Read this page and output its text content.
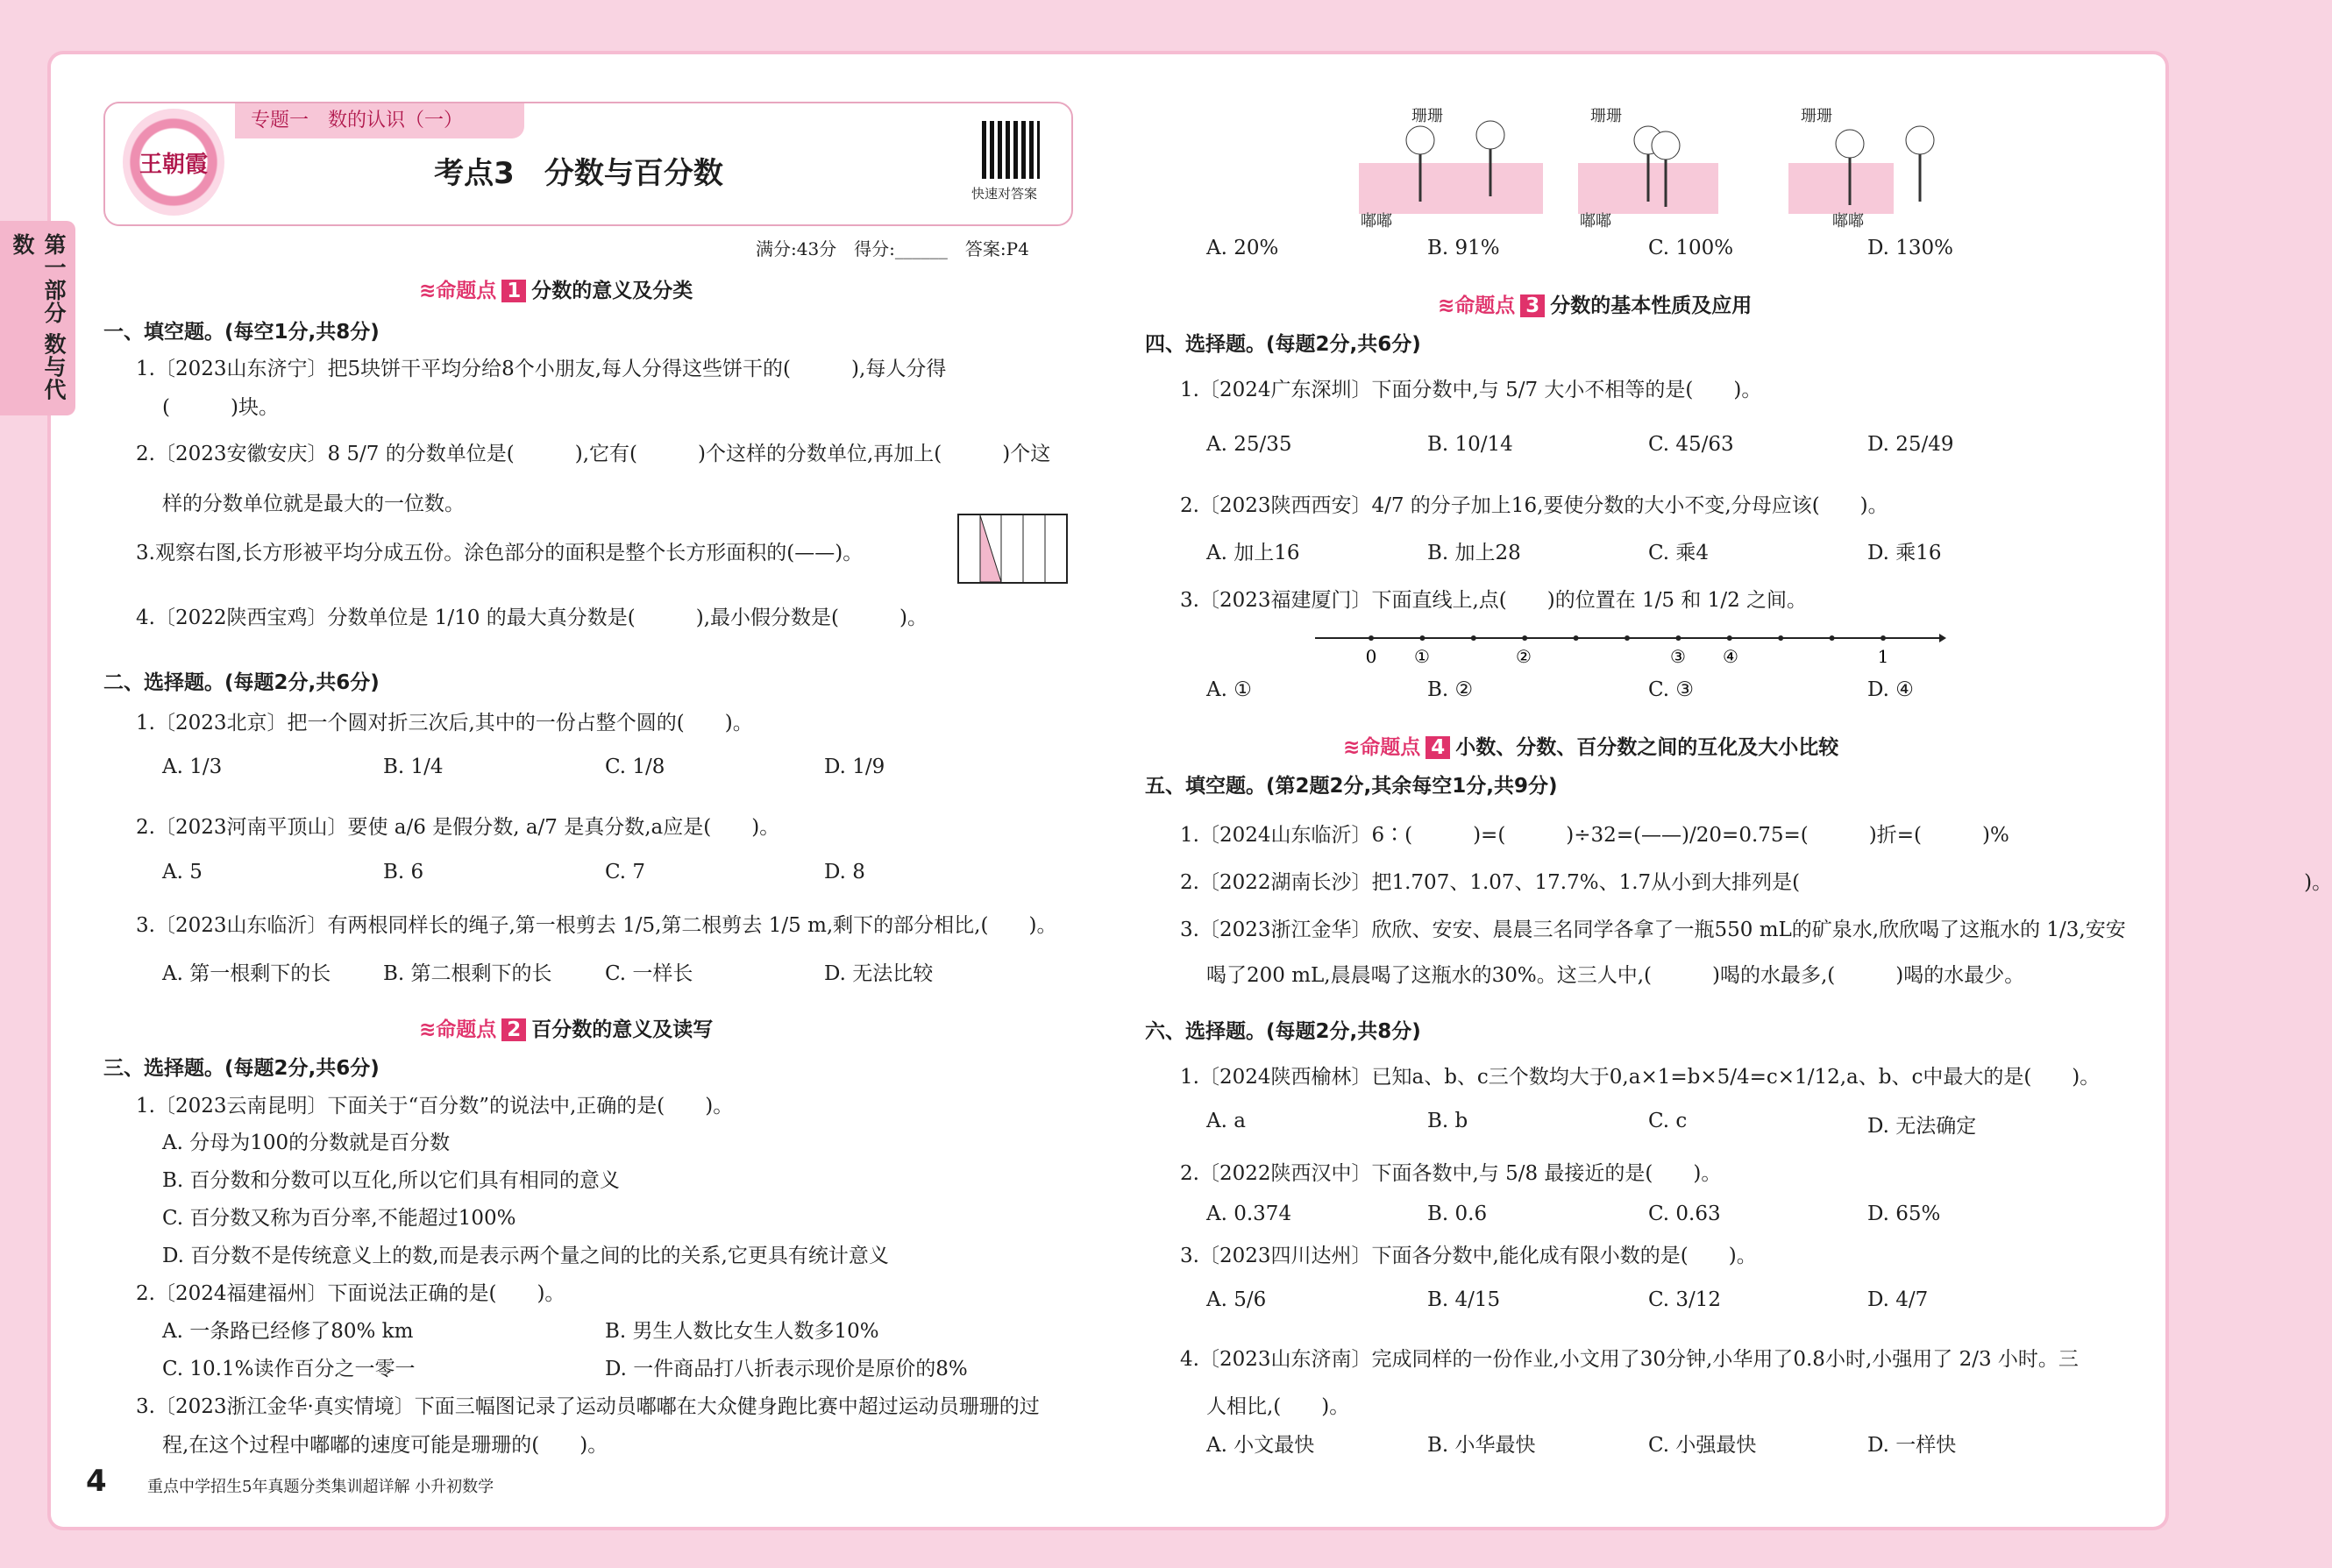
第一部分 数与代数
王朝霞
专题一　数的认识（一）
考点3　分数与百分数
快速对答案
满分:43分　得分:______　答案:P4
≋命题点 1 分数的意义及分类
一、填空题。(每空1分,共8分)
1.〔2023山东济宁〕把5块饼干平均分给8个小朋友,每人分得这些饼干的(　　　),每人分得
(　　　)块。
2.〔2023安徽安庆〕8 5/7 的分数单位是(　　　),它有(　　　)个这样的分数单位,再加上(　　　)个这
样的分数单位就是最大的一位数。
3.观察右图,长方形被平均分成五份。涂色部分的面积是整个长方形面积的(——)。
4.〔2022陕西宝鸡〕分数单位是 1/10 的最大真分数是(　　　),最小假分数是(　　　)。
二、选择题。(每题2分,共6分)
1.〔2023北京〕把一个圆对折三次后,其中的一份占整个圆的(　　)。
A. 1/3	B. 1/4	C. 1/8	D. 1/9
2.〔2023河南平顶山〕要使 a/6 是假分数, a/7 是真分数,a应是(　　)。
A. 5	B. 6	C. 7	D. 8
3.〔2023山东临沂〕有两根同样长的绳子,第一根剪去 1/5,第二根剪去 1/5 m,剩下的部分相比,(　　)。
A. 第一根剩下的长	B. 第二根剩下的长	C. 一样长	D. 无法比较
≋命题点 2 百分数的意义及读写
三、选择题。(每题2分,共6分)
1.〔2023云南昆明〕下面关于“百分数”的说法中,正确的是(　　)。
A. 分母为100的分数就是百分数
B. 百分数和分数可以互化,所以它们具有相同的意义
C. 百分数又称为百分率,不能超过100%
D. 百分数不是传统意义上的数,而是表示两个量之间的比的关系,它更具有统计意义
2.〔2024福建福州〕下面说法正确的是(　　)。
A. 一条路已经修了80% km	B. 男生人数比女生人数多10%
C. 10.1%读作百分之一零一	D. 一件商品打八折表示现价是原价的8%
3.〔2023浙江金华·真实情境〕下面三幅图记录了运动员嘟嘟在大众健身跑比赛中超过运动员珊珊的过
程,在这个过程中嘟嘟的速度可能是珊珊的(　　)。
4	重点中学招生5年真题分类集训超详解 小升初数学
珊珊
嘟嘟
珊珊
嘟嘟
珊珊
嘟嘟
A. 20%	B. 91%	C. 100%	D. 130%
≋命题点 3 分数的基本性质及应用
四、选择题。(每题2分,共6分)
1.〔2024广东深圳〕下面分数中,与 5/7 大小不相等的是(　　)。
A. 25/35	B. 10/14	C. 45/63	D. 25/49
2.〔2023陕西西安〕4/7 的分子加上16,要使分数的大小不变,分母应该(　　)。
A. 加上16	B. 加上28	C. 乘4	D. 乘16
3.〔2023福建厦门〕下面直线上,点(　　)的位置在 1/5 和 1/2 之间。
0 ①	②	③ ④	1
A. ①	B. ②	C. ③	D. ④
≋命题点 4 小数、分数、百分数之间的互化及大小比较
五、填空题。(第2题2分,其余每空1分,共9分)
1.〔2024山东临沂〕6∶(　　　)=(　　　)÷32=(——)/20=0.75=(　　　)折=(　　　)%
2.〔2022湖南长沙〕把1.707、1.07、17.7%、1.7从小到大排列是(　　　　　　　　　　　　　　　　　　　　　　　　　)。
3.〔2023浙江金华〕欣欣、安安、晨晨三名同学各拿了一瓶550 mL的矿泉水,欣欣喝了这瓶水的 1/3,安安
喝了200 mL,晨晨喝了这瓶水的30%。这三人中,(　　　)喝的水最多,(　　　)喝的水最少。
六、选择题。(每题2分,共8分)
1.〔2024陕西榆林〕已知a、b、c三个数均大于0,a×1=b×5/4=c×1/12,a、b、c中最大的是(　　)。
A. a	B. b	C. c	D. 无法确定
2.〔2022陕西汉中〕下面各数中,与 5/8 最接近的是(　　)。
A. 0.374	B. 0.6	C. 0.63	D. 65%
3.〔2023四川达州〕下面各分数中,能化成有限小数的是(　　)。
A. 5/6	B. 4/15	C. 3/12	D. 4/7
4.〔2023山东济南〕完成同样的一份作业,小文用了30分钟,小华用了0.8小时,小强用了 2/3 小时。三
人相比,(　　)。
A. 小文最快	B. 小华最快	C. 小强最快	D. 一样快
